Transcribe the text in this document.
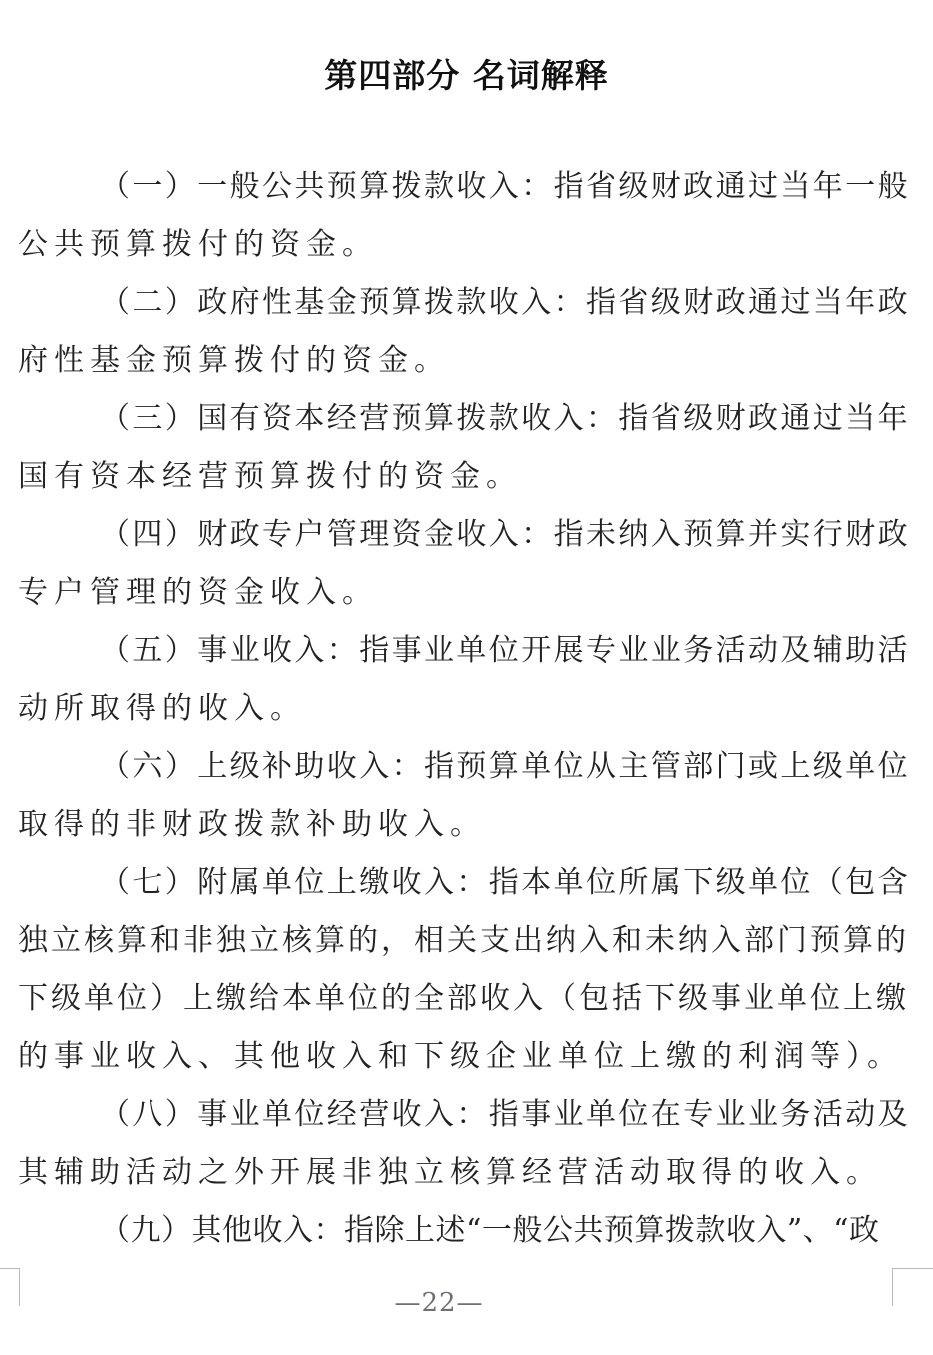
第四部分 名词解释

（一）一般公共预算拨款收入：指省级财政通过当年一般
公共预算拨付的资金。

（二）政府性基金预算拨款收入：指省级财政通过当年政
府性基金预算拨付的资金。

（三）国有资本经营预算拨款收入：指省级财政通过当年
国有资本经营预算拨付的资金。

（四）财政专户管理资金收入：指未纳入预算并实行财政
专户管理的资金收入。

（五）事业收入：指事业单位开展专业业务活动及辅助活
动所取得的收入。

（六）上级补助收入：指预算单位从主管部门或上级单位
取得的非财政拨款补助收入。

（七）附属单位上缴收入：指本单位所属下级单位（包含
独立核算和非独立核算的，相关支出纳入和未纳入部门预算的
下级单位）上缴给本单位的全部收入（包括下级事业单位上缴
的事业收入、其他收入和下级企业单位上缴的利润等）。

（八）事业单位经营收入：指事业单位在专业业务活动及
其辅助活动之外开展非独立核算经营活动取得的收入。

（九）其他收入：指除上述“一般公共预算拨款收入”、“政

—22—
